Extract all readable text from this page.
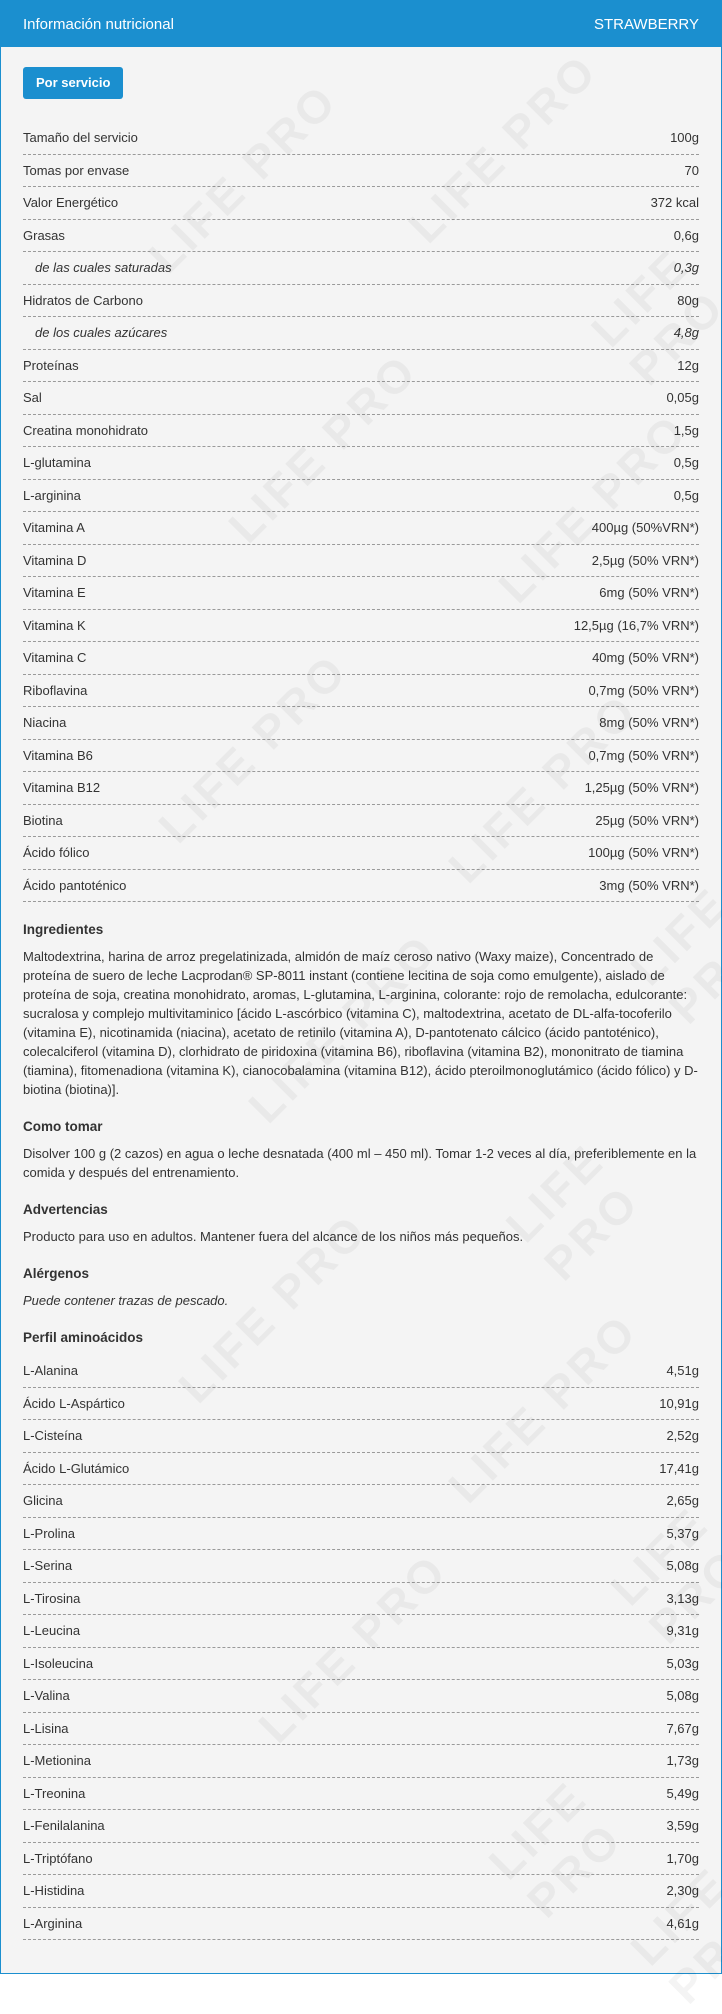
Información nutricional	STRAWBERRY
Por servicio
Tamaño del servicio	100g
Tomas por envase	70
Valor Energético	372 kcal
Grasas	0,6g
de las cuales saturadas	0,3g
Hidratos de Carbono	80g
de los cuales azúcares	4,8g
Proteínas	12g
Sal	0,05g
Creatina monohidrato	1,5g
L-glutamina	0,5g
L-arginina	0,5g
Vitamina A	400µg (50%VRN*)
Vitamina D	2,5µg (50% VRN*)
Vitamina E	6mg (50% VRN*)
Vitamina K	12,5µg (16,7% VRN*)
Vitamina C	40mg (50% VRN*)
Riboflavina	0,7mg (50% VRN*)
Niacina	8mg (50% VRN*)
Vitamina B6	0,7mg (50% VRN*)
Vitamina B12	1,25µg (50% VRN*)
Biotina	25µg (50% VRN*)
Ácido fólico	100µg (50% VRN*)
Ácido pantoténico	3mg (50% VRN*)
Ingredientes

Maltodextrina, harina de arroz pregelatinizada, almidón de maíz ceroso nativo (Waxy maize), Concentrado de proteína de suero de leche Lacprodan® SP-8011 instant (contiene lecitina de soja como emulgente), aislado de proteína de soja, creatina monohidrato, aromas, L-glutamina, L-arginina, colorante: rojo de remolacha, edulcorante: sucralosa y complejo multivitaminico [ácido L-ascórbico (vitamina C), maltodextrina, acetato de DL-alfa-tocoferilo (vitamina E), nicotinamida (niacina), acetato de retinilo (vitamina A), D-pantotenato cálcico (ácido pantoténico), colecalciferol (vitamina D), clorhidrato de piridoxina (vitamina B6), riboflavina (vitamina B2), mononitrato de tiamina (tiamina), fitomenadiona (vitamina K), cianocobalamina (vitamina B12), ácido pteroilmonoglutámico (ácido fólico) y D-biotina (biotina)].

Como tomar

Disolver 100 g (2 cazos) en agua o leche desnatada (400 ml – 450 ml). Tomar 1-2 veces al día, preferiblemente en la comida y después del entrenamiento.

Advertencias

Producto para uso en adultos. Mantener fuera del alcance de los niños más pequeños.

Alérgenos

Puede contener trazas de pescado.

Perfil aminoácidos
L-Alanina	4,51g
Ácido L-Aspártico	10,91g
L-Cisteína	2,52g
Ácido L-Glutámico	17,41g
Glicina	2,65g
L-Prolina	5,37g
L-Serina	5,08g
L-Tirosina	3,13g
L-Leucina	9,31g
L-Isoleucina	5,03g
L-Valina	5,08g
L-Lisina	7,67g
L-Metionina	1,73g
L-Treonina	5,49g
L-Fenilalanina	3,59g
L-Triptófano	1,70g
L-Histidina	2,30g
L-Arginina	4,61g
